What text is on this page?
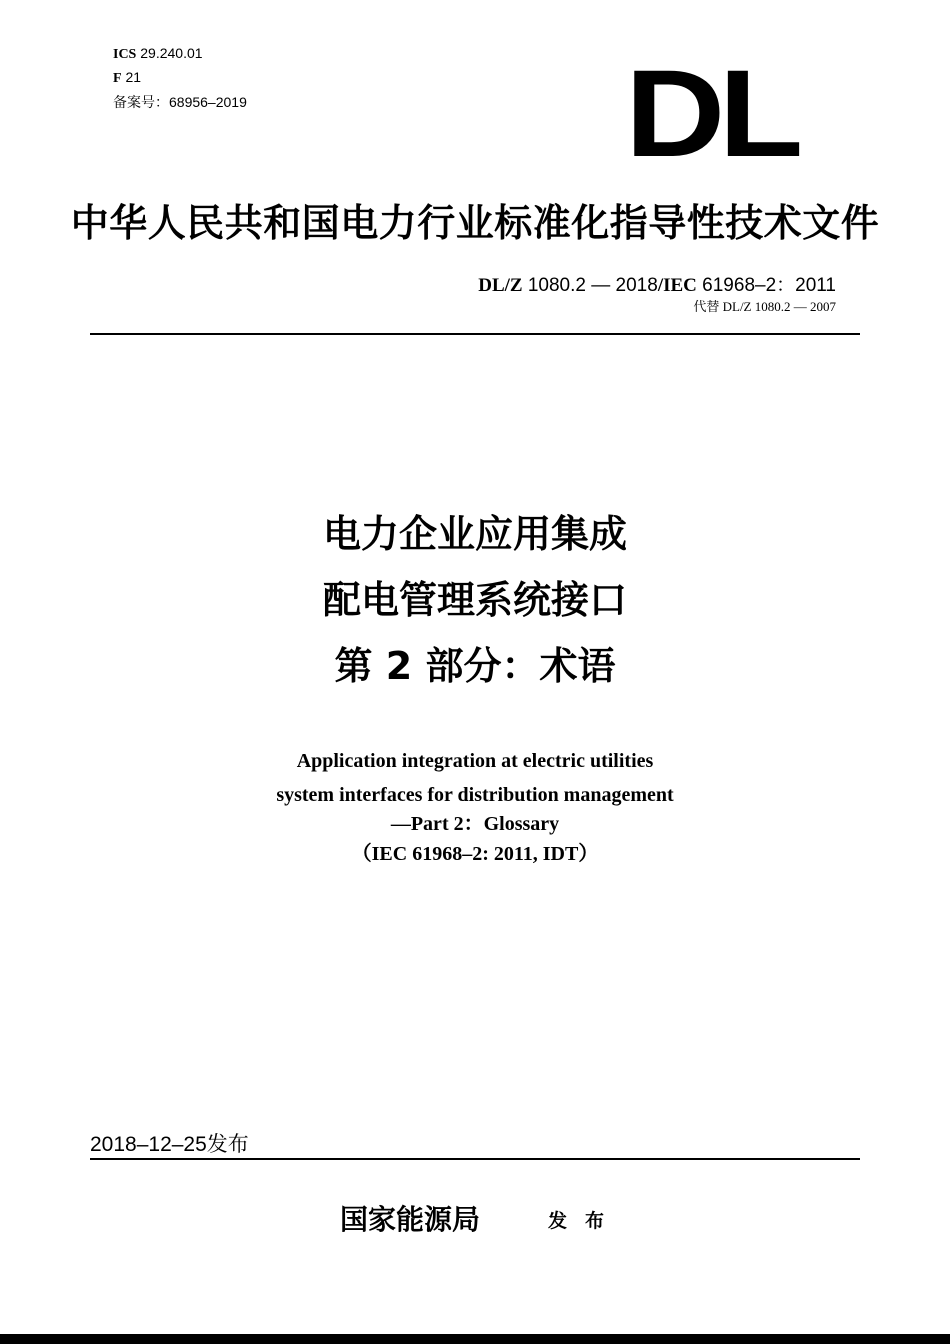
ICS 29.240.01
F 21
备案号：68956–2019	DL
中华人民共和国电力行业标准化指导性技术文件
DL/Z 1080.2 — 2018/IEC 61968–2：2011
代替 DL/Z 1080.2 — 2007
电力企业应用集成
配电管理系统接口
第 2 部分：术语
Application integration at electric utilities
system interfaces for distribution management
—Part 2：Glossary
（IEC 61968–2: 2011, IDT）
2018–12–25发布
国家能源局	发布
